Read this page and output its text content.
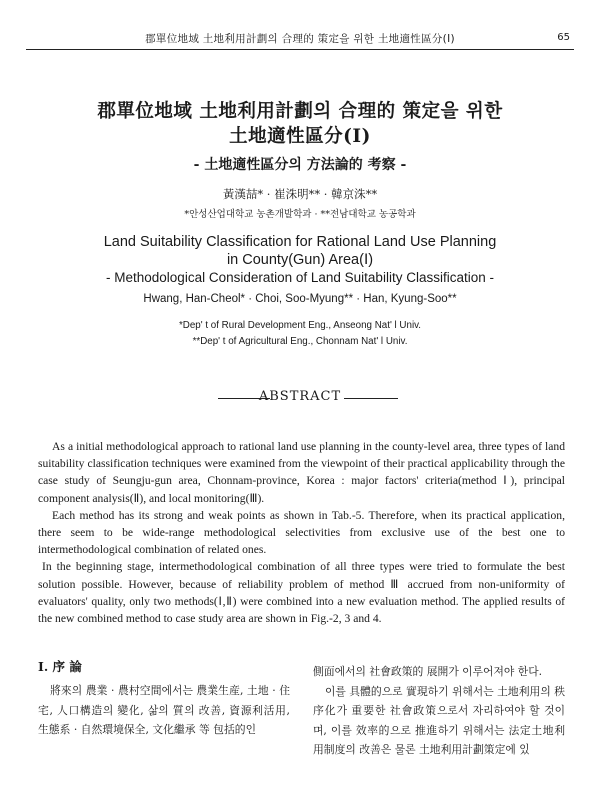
郡單位地域 土地利用計劃의 合理的 策定을 위한 土地適性區分(Ⅰ)	65
郡單位地域 土地利用計劃의 合理的 策定을 위한
土地適性區分(Ⅰ)
- 土地適性區分의 方法論的 考察 -
黃漢喆* · 崔洙明** · 韓京洙**
*안성산업대학교 농촌개발학과 · **전남대학교 농공학과
Land Suitability Classification for Rational Land Use Planning
in County(Gun) Area(Ⅰ)
- Methodological Consideration of Land Suitability Classification -
Hwang, Han-Cheol* · Choi, Soo-Myung** · Han, Kyung-Soo**
*Dep' t of Rural Development Eng., Anseong Nat' l Univ.
**Dep' t of Agricultural Eng., Chonnam Nat' l Univ.
ABSTRACT

As a initial methodological approach to rational land use planning in the county-level area, three types of land suitability classification techniques were examined from the viewpoint of their practical applicability through the case study of Seungju-gun area, Chonnam-province, Korea : major factors' criteria(method Ⅰ), principal component analysis(Ⅱ), and local monitoring(Ⅲ).

Each method has its strong and weak points as shown in Tab.-5. Therefore, when its practical application, there seem to be wide-range methodological selectivities from exclusive use of the best one to intermethodological combination of related ones.

In the beginning stage, intermethodological combination of all three types were tried to formulate the best solution possible. However, because of reliability problem of method Ⅲ accrued from non-uniformity of evaluators' quality, only two methods(Ⅰ,Ⅱ) were combined into a new evaluation method. The applied results of the new combined method to case study area are shown in Fig.-2, 3 and 4.

Ⅰ. 序 論

將來의 農業 · 農村空間에서는 農業生産, 土地 · 住宅, 人口構造의 變化, 삶의 質의 改善, 資源利活用, 生態系 · 自然環境保全, 文化繼承 等 包括的인

側面에서의 社會政策的 展開가 이루어져야 한다.

이를 具體的으로 實現하기 위해서는 土地利用의 秩序化가 重要한 社會政策으로서 자리하여야 할 것이며, 이를 效率的으로 推進하기 위해서는 法定土地利用制度의 改善은 물론 土地利用計劃策定에 있
